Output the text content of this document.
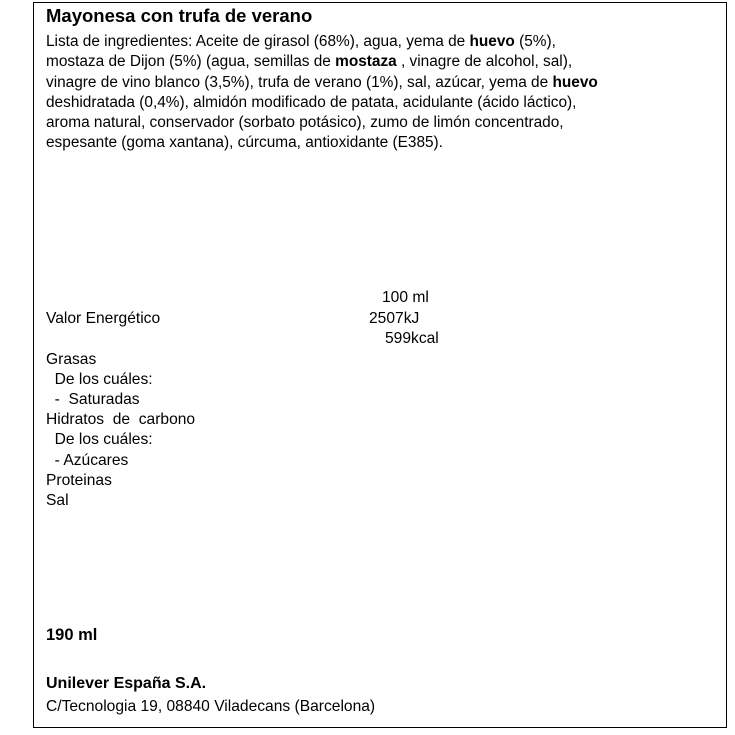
Mayonesa con trufa de verano
Lista de ingredientes: Aceite de girasol (68%), agua, yema de huevo (5%),
mostaza de Dijon (5%) (agua, semillas de mostaza , vinagre de alcohol, sal),
vinagre de vino blanco (3,5%), trufa de verano (1%), sal, azúcar, yema de huevo
deshidratada (0,4%), almidón modificado de patata, acidulante (ácido láctico),
aroma natural, conservador (sorbato potásico), zumo de limón concentrado,
espesante (goma xantana), cúrcuma, antioxidante (E385).
100 ml
Valor Energético	2507kJ
599kcal
Grasas
De los cuáles:
-  Saturadas
Hidratos  de  carbono
De los cuáles:
- Azúcares
Proteinas
Sal
190 ml
Unilever España S.A.
C/Tecnologia 19, 08840 Viladecans (Barcelona)
